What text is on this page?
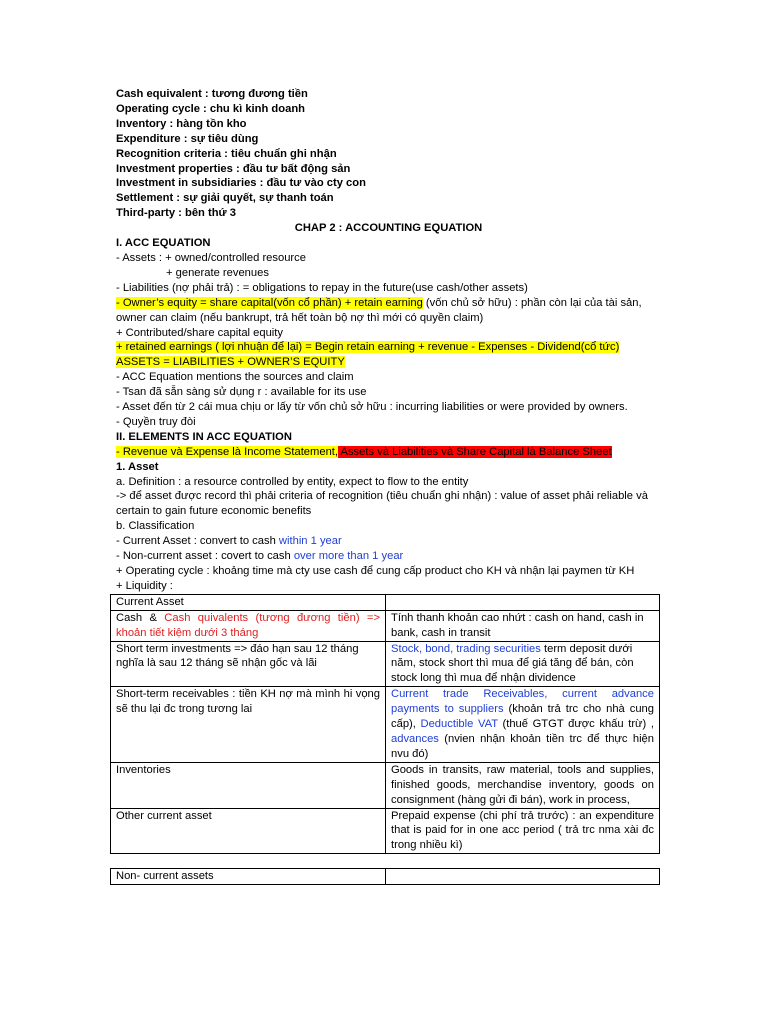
Cash equivalent : tương đương tiền
Operating cycle : chu kì kinh doanh
Inventory : hàng tồn kho
Expenditure : sự tiêu dùng
Recognition criteria : tiêu chuẩn ghi nhận
Investment properties : đầu tư bất động sản
Investment in subsidiaries : đầu tư vào cty con
Settlement : sự giải quyết, sự thanh toán
Third-party : bên thứ 3
CHAP 2 : ACCOUNTING EQUATION
I. ACC EQUATION
- Assets : + owned/controlled resource
+ generate revenues
- Liabilities (nợ phải trả) : = obligations to repay in the future(use cash/other assets)
- Owner’s equity = share capital(vốn cổ phần) + retain earning (vốn chủ sở hữu) : phần còn lại của tài sản, owner can claim (nếu bankrupt, trả hết toàn bộ nợ thì mới có quyền claim)
+ Contributed/share capital equity
+ retained earnings ( lợi nhuận để lại) = Begin retain earning + revenue - Expenses - Dividend(cổ tức)
ASSETS = LIABILITIES + OWNER’S EQUITY
- ACC Equation mentions the sources and claim
- Tsan đã sẵn sàng sử dụng r : available for its use
- Asset đến từ 2 cái mua chịu or lấy từ vốn chủ sở hữu : incurring liabilities or were provided by owners.
- Quyền truy đòi
II. ELEMENTS IN ACC EQUATION
- Revenue và Expense là Income Statement, Assets và Liabilities và Share Capital là Balance Sheet
1. Asset
a. Definition : a resource controlled by entity, expect to flow to the entity
-> để asset được record thì phải criteria of recognition (tiêu chuẩn ghi nhận) : value of asset phải reliable và certain to gain future economic benefits
b. Classification
- Current Asset : convert to cash within 1 year
- Non-current asset : covert to cash over more than 1 year
+ Operating cycle : khoảng time mà cty use cash để cung cấp product cho KH và nhận lại paymen từ KH
+ Liquidity :
Current Asset	
Cash & Cash quivalents (tương đương tiền) => khoản tiết kiệm dưới 3 tháng	Tính thanh khoản cao nhứt : cash on hand, cash in bank, cash in transit
Short term investments => đáo hạn sau 12 tháng nghĩa là sau 12 tháng sẽ nhận gốc và lãi	Stock, bond, trading securities term deposit dưới năm, stock short thì mua để giá tăng để bán, còn stock long thì mua để nhận dividence
Short-term receivables : tiền KH nợ mà mình hi vọng sẽ thu lại đc trong tương lai	Current trade Receivables, current advance payments to suppliers (khoản trả trc cho nhà cung cấp), Deductible VAT (thuế GTGT được khấu trừ) , advances (nvien nhận khoản tiền trc để thực hiện nvu đó)
Inventories	Goods in transits, raw material, tools and supplies, finished goods, merchandise inventory, goods on consignment (hàng gửi đi bán), work in process,
Other current asset	Prepaid expense (chi phí trả trước) : an expenditure that is paid for in one acc period ( trả trc nma xài đc trong nhiều kì)
Non- current assets	
